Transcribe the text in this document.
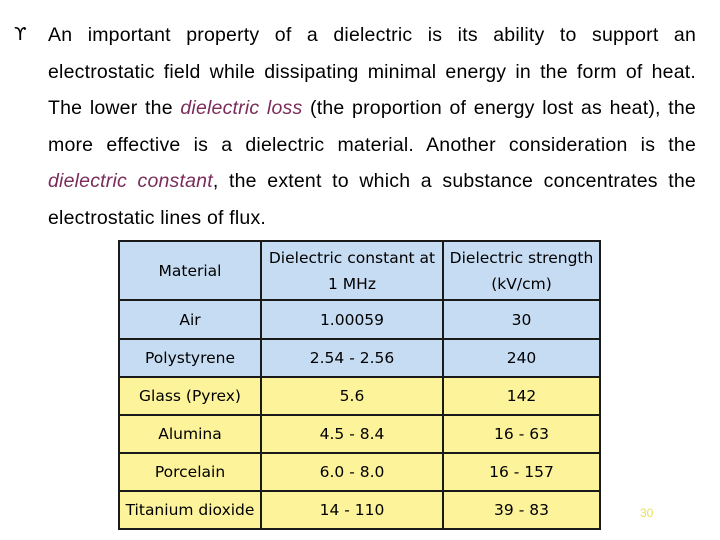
ϒ	An important property of a dielectric is its ability to support an electrostatic field while dissipating minimal energy in the form of heat. The lower the dielectric loss (the proportion of energy lost as heat), the more effective is a dielectric material. Another consideration is the dielectric constant, the extent to which a substance concentrates the electrostatic lines of flux.
Material	Dielectric constant at 1 MHz	Dielectric strength (kV/cm)
Air	1.00059	30
Polystyrene	2.54 - 2.56	240
Glass (Pyrex)	5.6	142
Alumina	4.5 - 8.4	16 - 63
Porcelain	6.0 - 8.0	16 - 157
Titanium dioxide	14 - 110	39 - 83	30
